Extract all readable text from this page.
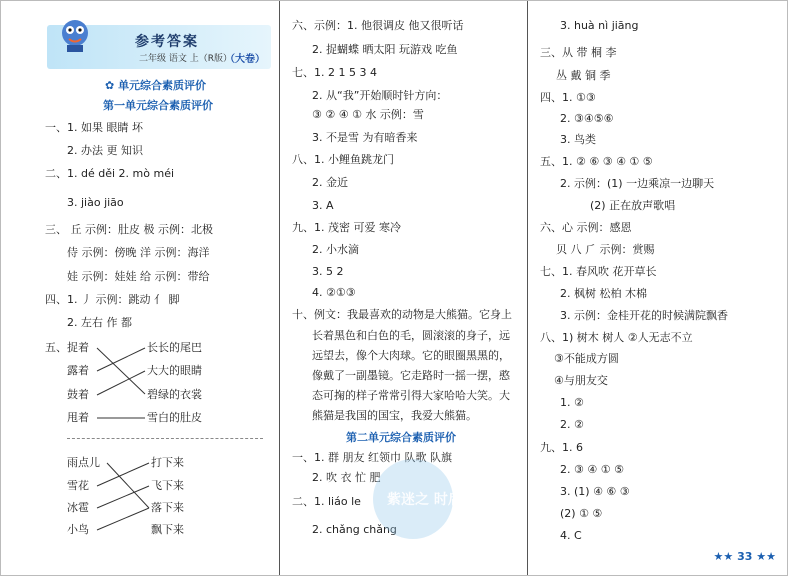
参考答案
二年级 语文 上（R版）
（大卷）
✿ 单元综合素质评价
第一单元综合素质评价
一、1. 如果 眼睛 坏
2. 办法 更 知识
二、1. dé děi 2. mò méi
3. jiào jiāo
三、 丘 示例：肚皮 极 示例：北极
侍 示例：傍晚 洋 示例：海洋
娃 示例：娃娃 给 示例：带给
四、1. 丿 示例：跳动 ⺅ 脚
2. 左右 作 都
五、 捉着
露着
鼓着
甩着
长长的尾巴
大大的眼睛
碧绿的衣裳
雪白的肚皮
雨点儿
雪花
冰雹
小鸟
打下来
飞下来
落下来
飘下来
六、示例：1. 他很调皮 他又很听话
2. 捉蝴蝶 晒太阳 玩游戏 吃鱼
七、1. 2 1 5 3 4
2. 从“我”开始顺时针方向：
③ ② ④ ① 水 示例：雪
3. 不是雪 为有暗香来
八、1. 小鲤鱼跳龙门
2. 金近
3. A
九、1. 茂密 可爱 寒冷
2. 小水滴
3. 5 2
4. ②①③
十、例文：我最喜欢的动物是大熊猫。它身上
长着黑色和白色的毛，圆滚滚的身子，远
远望去，像个大肉球。它的眼圈黑黑的，
像戴了一副墨镜。它走路时一摇一摆，憨
态可掬的样子常常引得大家哈哈大笑。大
熊猫是我国的国宝，我爱大熊猫。
第二单元综合素质评价
一、1. 群 朋友 红领巾 队歌 队旗
2. 吹 衣 忙 肥
二、1. liáo le
2. chǎng chǎng
紫迷之 时启
3. huà nì jiāng
三、从 带 桐 李
丛 戴 铜 季
四、1. ①③
2. ③④⑤⑥
3. 鸟类
五、1. ② ⑥ ③ ④ ① ⑤
2. 示例：(1) 一边乘凉一边聊天
(2) 正在放声歌唱
六、心 示例：感恩
贝 八 ⺁ 示例：赏赐
七、1. 春风吹 花开草长
2. 枫树 松柏 木棉
3. 示例：金桂开花的时候满院飘香
八、1) 树木 树人 ②人无志不立
③不能成方圆
④与朋友交
1. ②
2. ②
九、1. 6
2. ③ ④ ① ⑤
3. (1) ④ ⑥ ③
(2) ① ⑤
4. C
★★ 33 ★★
